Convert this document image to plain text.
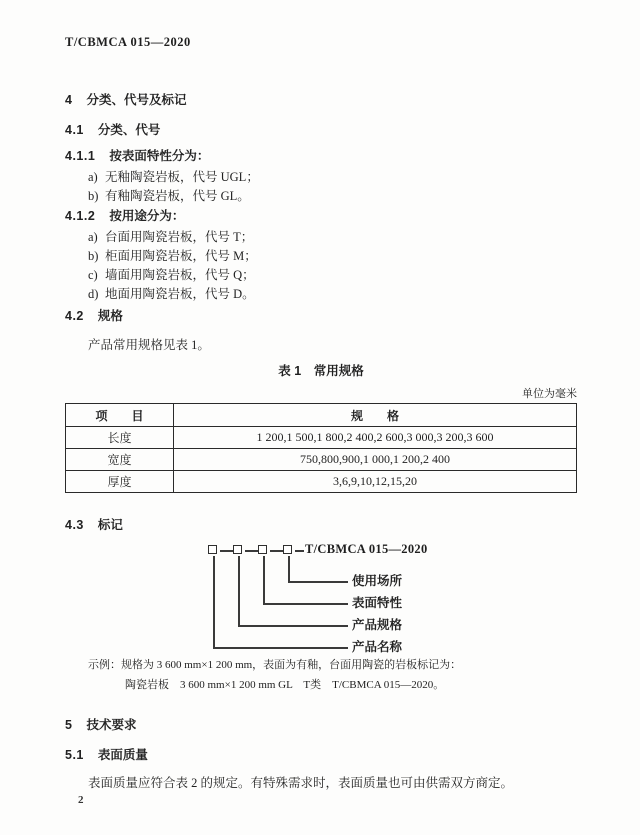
T/CBMCA 015—2020
4 分类、代号及标记
4.1 分类、代号
4.1.1 按表面特性分为：
a) 无釉陶瓷岩板，代号 UGL；
b) 有釉陶瓷岩板，代号 GL。
4.1.2 按用途分为：
a) 台面用陶瓷岩板，代号 T；
b) 柜面用陶瓷岩板，代号 M；
c) 墙面用陶瓷岩板，代号 Q；
d) 地面用陶瓷岩板，代号 D。
4.2 规格

产品常用规格见表 1。

表 1　常用规格
单位为毫米
项　　目	规　　格
长度	1 200,1 500,1 800,2 400,2 600,3 000,3 200,3 600
宽度	750,800,900,1 000,1 200,2 400
厚度	3,6,9,10,12,15,20
4.3 标记
T/CBMCA 015—2020
使用场所
表面特性
产品规格
产品名称
示例：规格为 3 600 mm×1 200 mm，表面为有釉，台面用陶瓷的岩板标记为：
陶瓷岩板　3 600 mm×1 200 mm GL　T类　T/CBMCA 015—2020。
5 技术要求
5.1 表面质量

表面质量应符合表 2 的规定。有特殊需求时，表面质量也可由供需双方商定。

2
